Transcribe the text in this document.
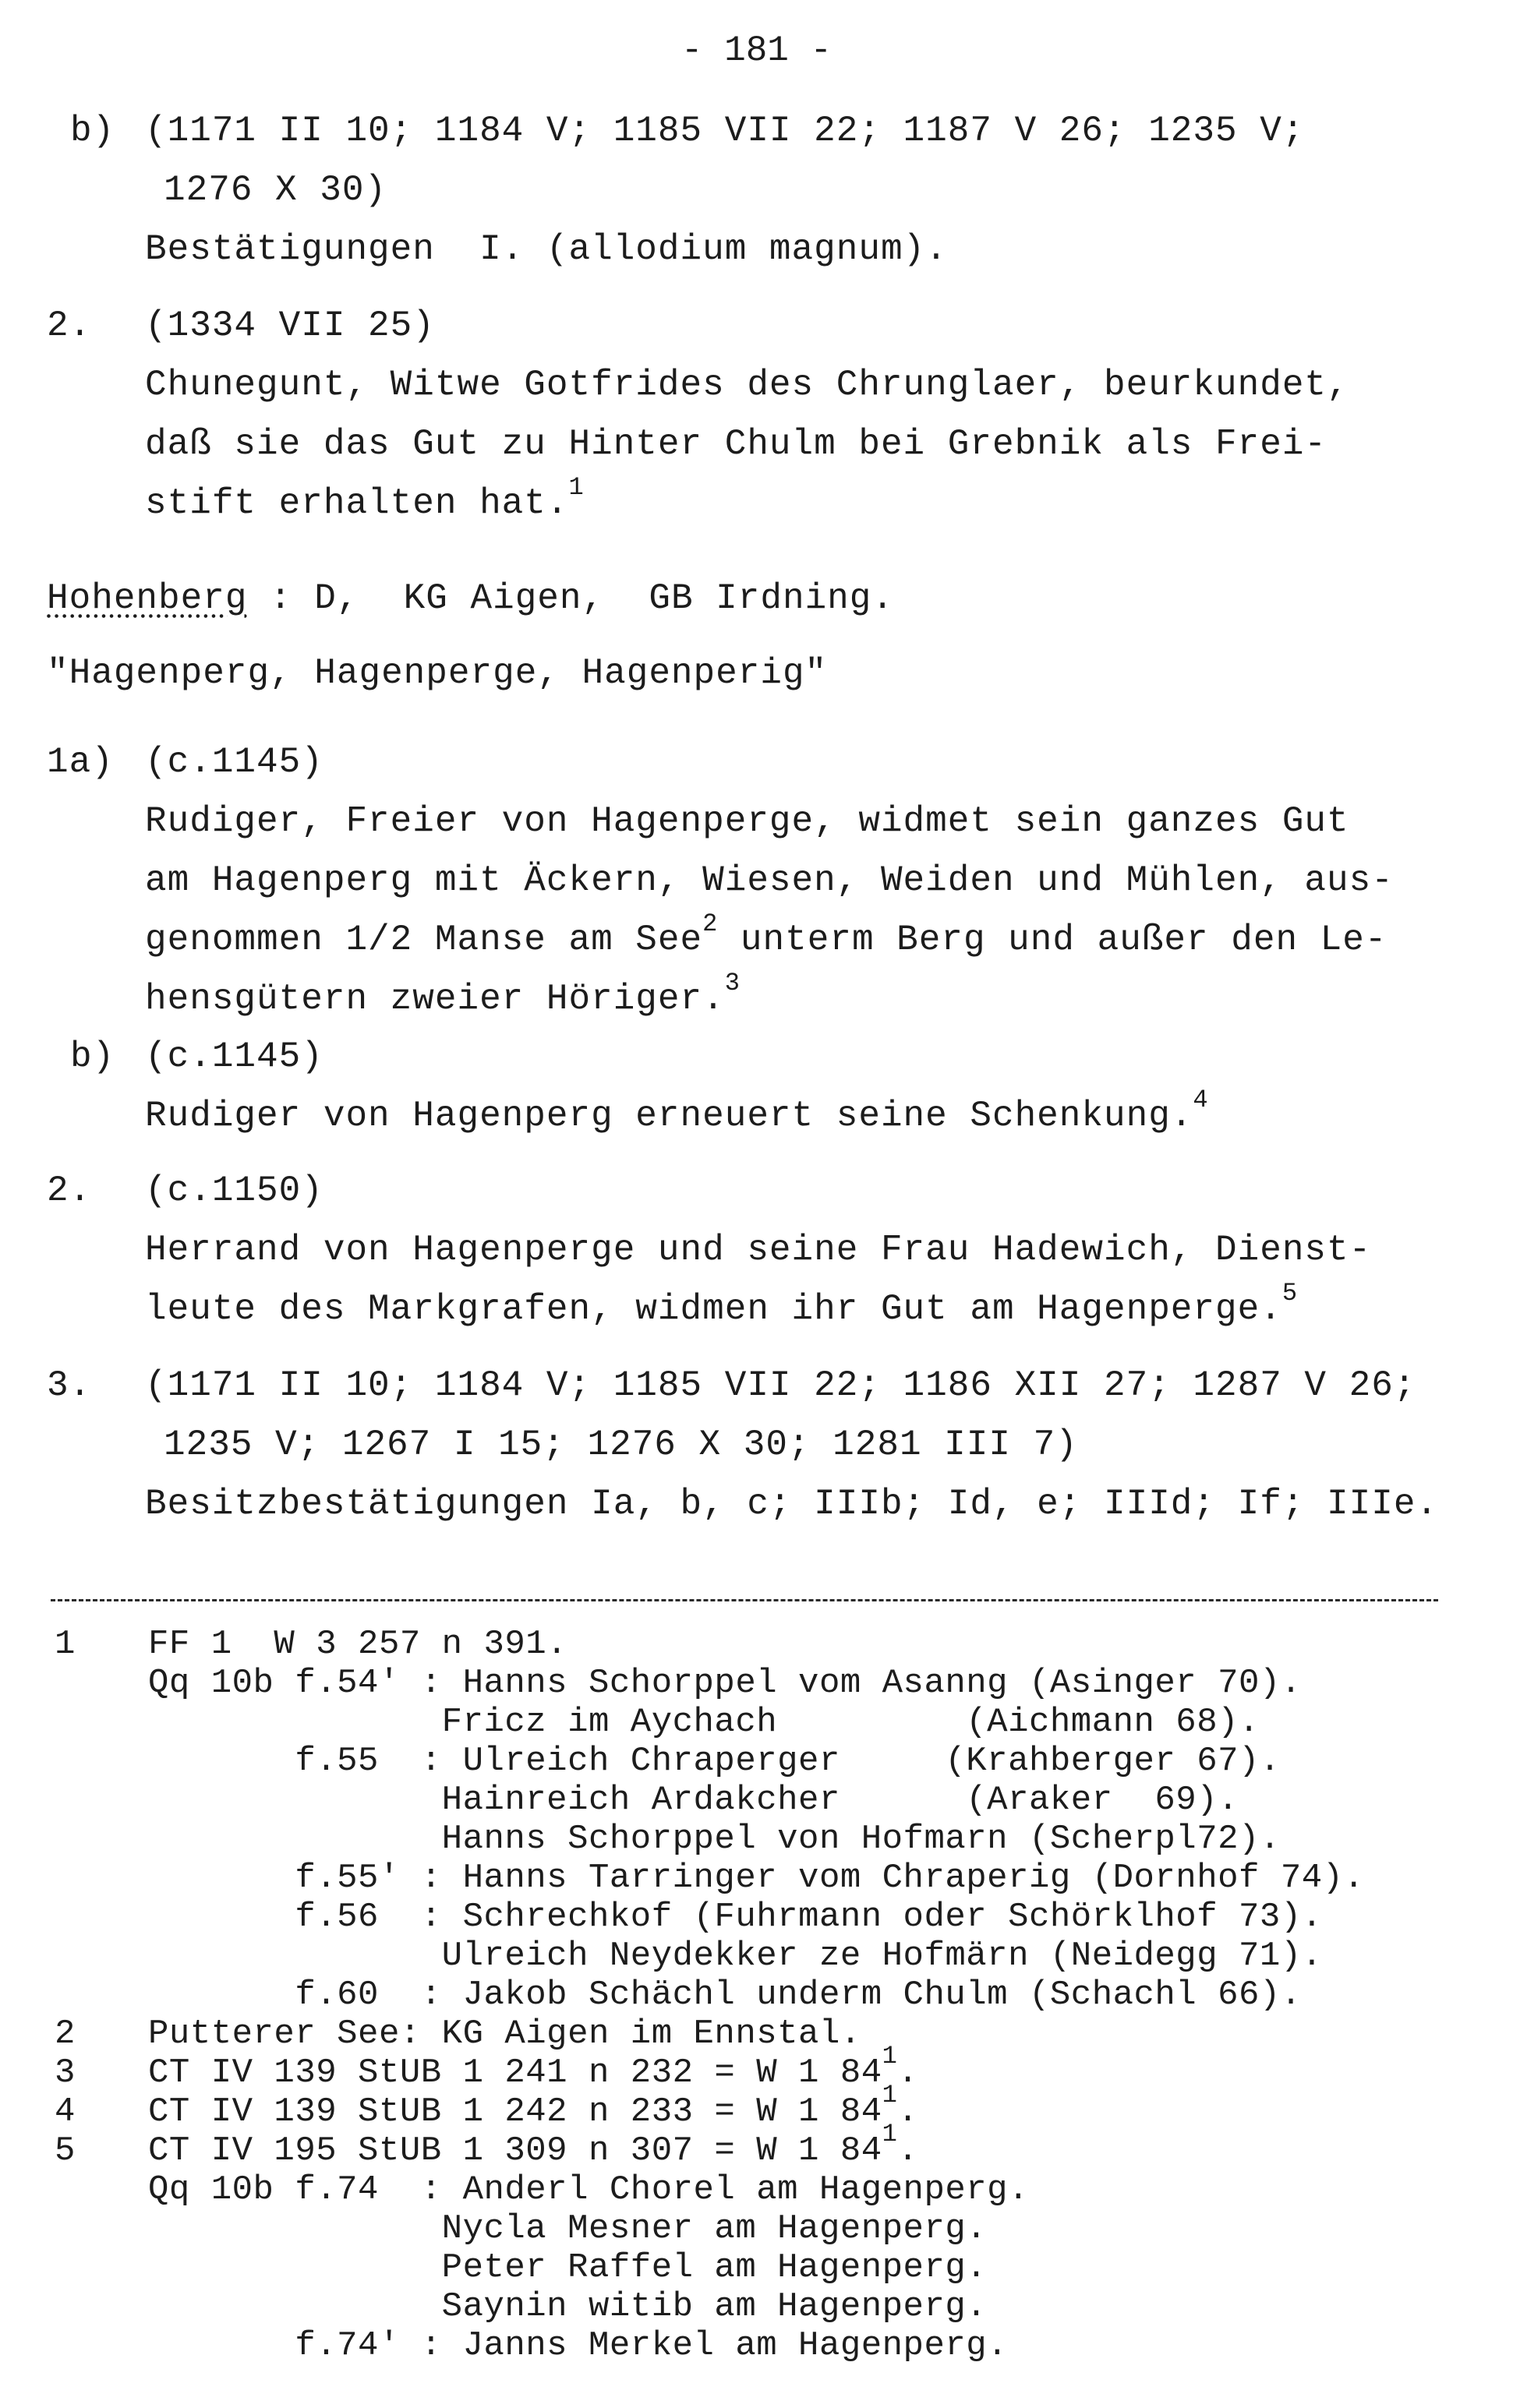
- 181 -
b) (1171 II 10; 1184 V; 1185 VII 22; 1187 V 26; 1235 V;
1276 X 30)
Bestätigungen  I. (allodium magnum).
2. (1334 VII 25)
Chunegunt, Witwe Gotfrides des Chrunglaer, beurkundet,
daß sie das Gut zu Hinter Chulm bei Grebnik als Frei-
stift erhalten hat.$^1$
Hohenberg : D,  KG Aigen,  GB Irdning.
"Hagenperg, Hagenperge, Hagenperig"
1a) (c.1145)
Rudiger, Freier von Hagenperge, widmet sein ganzes Gut
am Hagenperg mit Äckern, Wiesen, Weiden und Mühlen, aus-
genommen 1/2 Manse am See$^2$ unterm Berg und außer den Le-
hensgütern zweier Höriger.$^3$
b) (c.1145)
Rudiger von Hagenperg erneuert seine Schenkung.$^4$
2. (c.1150)
Herrand von Hagenperge und seine Frau Hadewich, Dienst-
leute des Markgrafen, widmen ihr Gut am Hagenperge.$^5$
3. (1171 II 10; 1184 V; 1185 VII 22; 1186 XII 27; 1287 V 26;
1235 V; 1267 I 15; 1276 X 30; 1281 III 7)
Besitzbestätigungen Ia, b, c; IIIb; Id, e; IIId; If; IIIe.
1 FF 1  W 3 257 n 391.
Qq 10b f.54' : Hanns Schorppel vom Asanng (Asinger 70).
Fricz im Aychach         (Aichmann 68).
f.55  : Ulreich Chraperger     (Krahberger 67).
Hainreich Ardakcher      (Araker  69).
Hanns Schorppel von Hofmarn (Scherpl72).
f.55' : Hanns Tarringer vom Chraperig (Dornhof 74).
f.56  : Schrechkof (Fuhrmann oder Schörklhof 73).
Ulreich Neydekker ze Hofmärn (Neidegg 71).
f.60  : Jakob Schächl underm Chulm (Schachl 66).
2 Putterer See: KG Aigen im Ennstal.
3 CT IV 139 StUB 1 241 n 232 = W 1 $84^1$.
4 CT IV 139 StUB 1 242 n 233 = W 1 $84^1$.
5 CT IV 195 StUB 1 309 n 307 = W 1 $84^1$.
Qq 10b f.74  : Anderl Chorel am Hagenperg.
Nycla Mesner am Hagenperg.
Peter Raffel am Hagenperg.
Saynin witib am Hagenperg.
f.74' : Janns Merkel am Hagenperg.
